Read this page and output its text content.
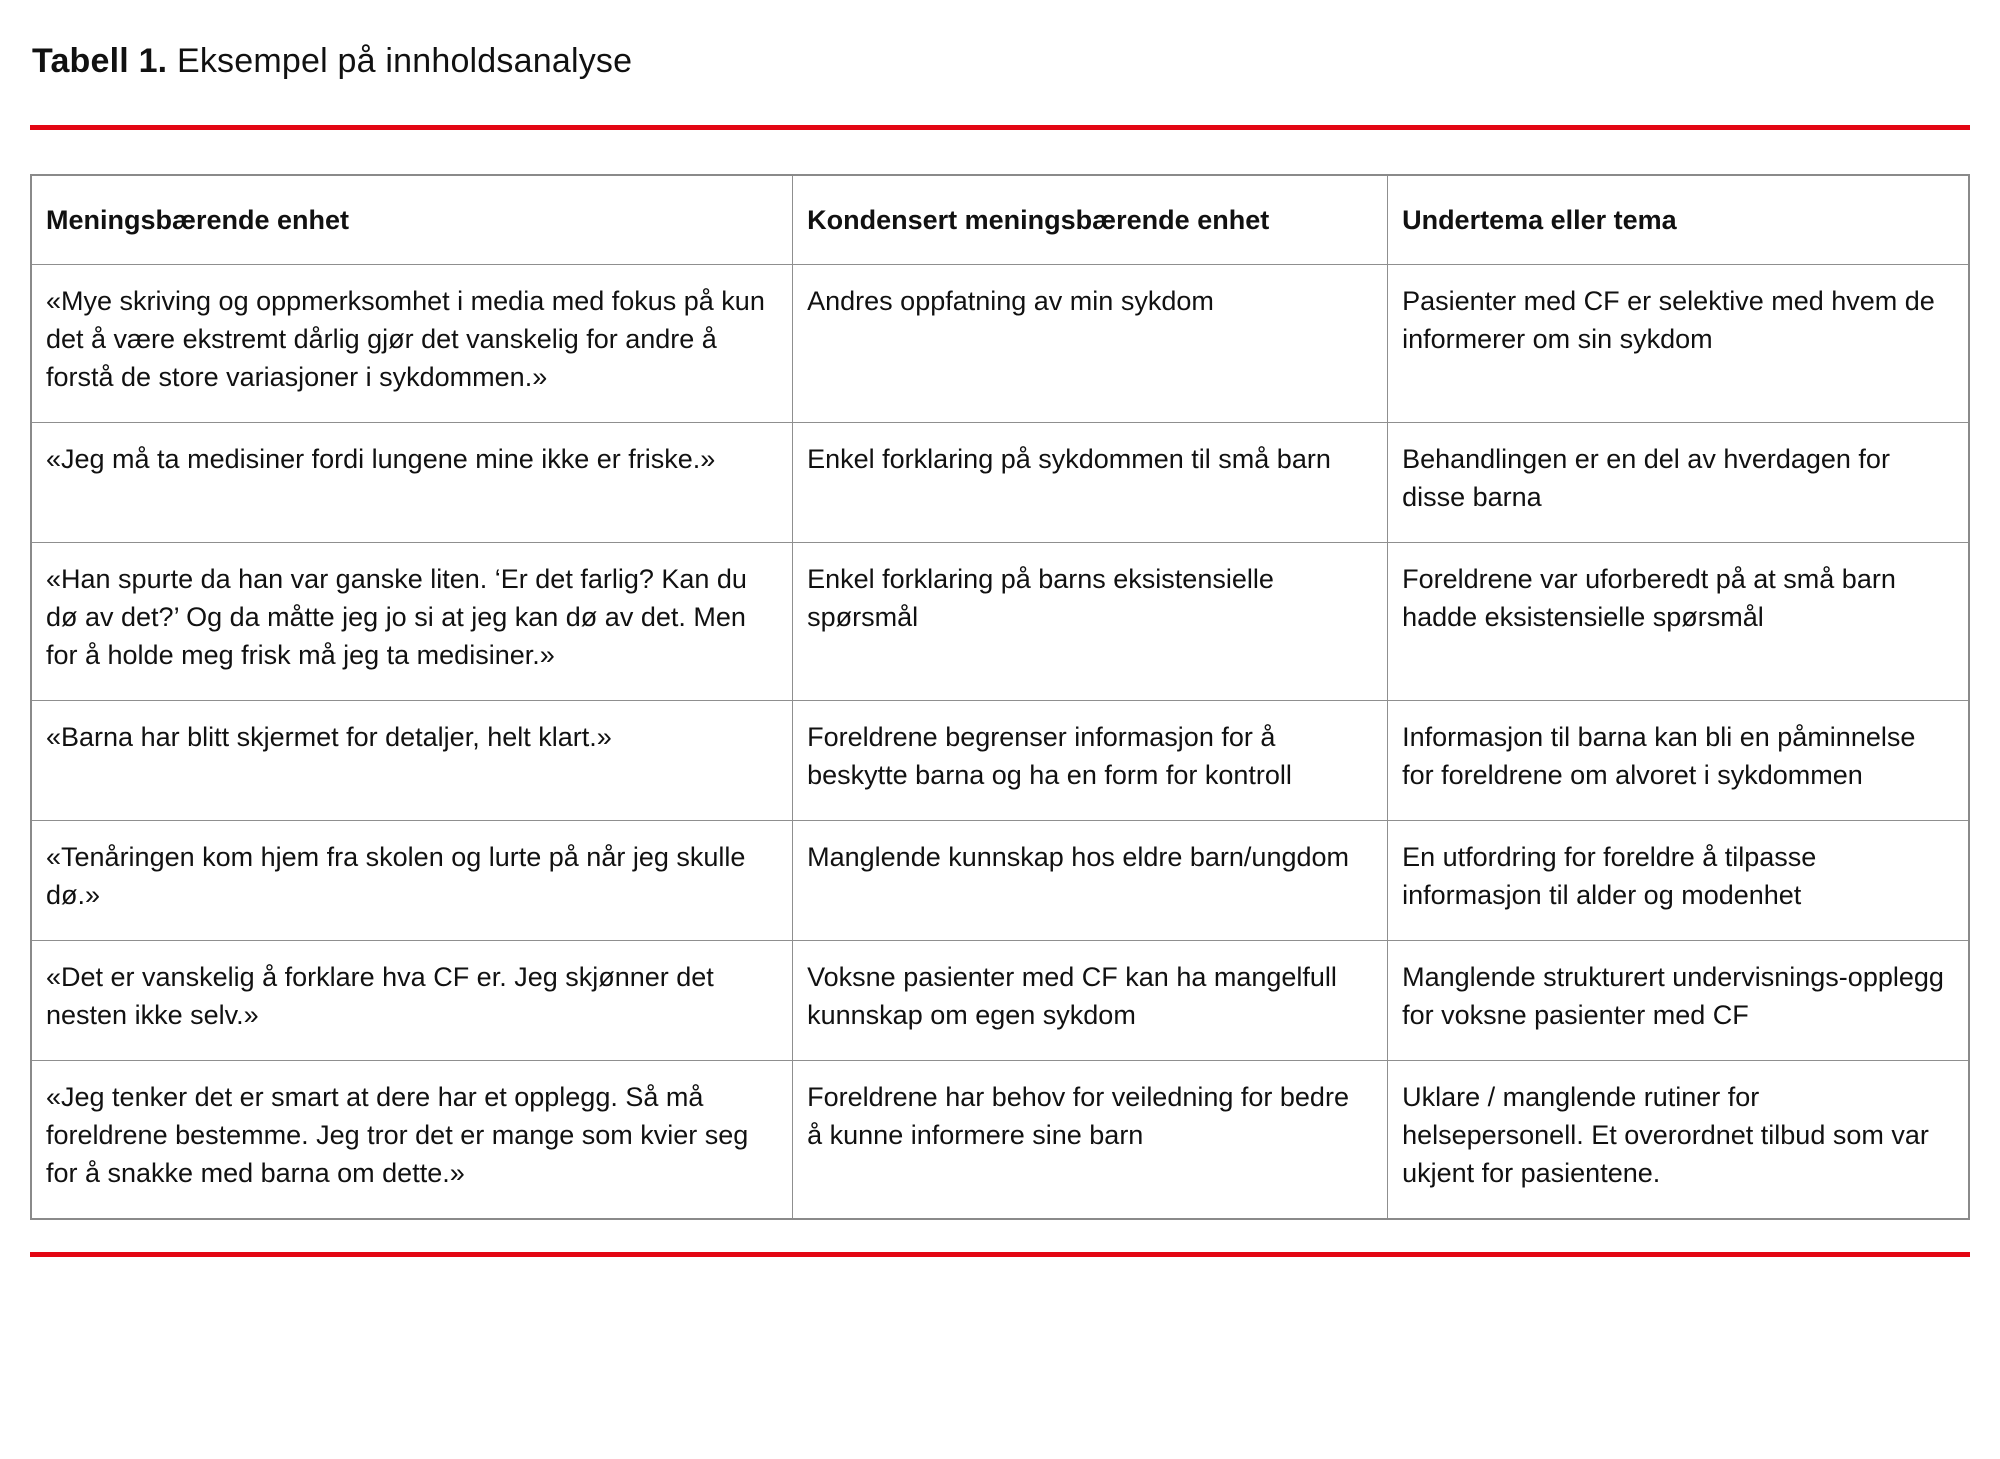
Tabell 1. Eksempel på innholdsanalyse
Meningsbærende enhet	Kondensert meningsbærende enhet	Undertema eller tema
«Mye skriving og oppmerksomhet i media med fokus på kun det å være ekstremt dårlig gjør det vanskelig for andre å forstå de store variasjoner i sykdommen.»	Andres oppfatning av min sykdom	Pasienter med CF er selektive med hvem de informerer om sin sykdom
«Jeg må ta medisiner fordi lungene mine ikke er friske.»	Enkel forklaring på sykdommen til små barn	Behandlingen er en del av hverdagen for disse barna
«Han spurte da han var ganske liten. ‘Er det farlig? Kan du dø av det?’ Og da måtte jeg jo si at jeg kan dø av det. Men for å holde meg frisk må jeg ta medisiner.»	Enkel forklaring på barns eksistensielle spørsmål	Foreldrene var uforberedt på at små barn hadde eksistensielle spørsmål
«Barna har blitt skjermet for detaljer, helt klart.»	Foreldrene begrenser informasjon for å beskytte barna og ha en form for kontroll	Informasjon til barna kan bli en påminnelse for foreldrene om alvoret i sykdommen
«Tenåringen kom hjem fra skolen og lurte på når jeg skulle dø.»	Manglende kunnskap hos eldre barn/ungdom	En utfordring for foreldre å tilpasse informasjon til alder og modenhet
«Det er vanskelig å forklare hva CF er. Jeg skjønner det nesten ikke selv.»	Voksne pasienter med CF kan ha mangelfull kunnskap om egen sykdom	Manglende strukturert undervisnings-opplegg for voksne pasienter med CF
«Jeg tenker det er smart at dere har et opplegg. Så må foreldrene bestemme. Jeg tror det er mange som kvier seg for å snakke med barna om dette.»	Foreldrene har behov for veiledning for bedre å kunne informere sine barn	Uklare / manglende rutiner for helsepersonell. Et overordnet tilbud som var ukjent for pasientene.
